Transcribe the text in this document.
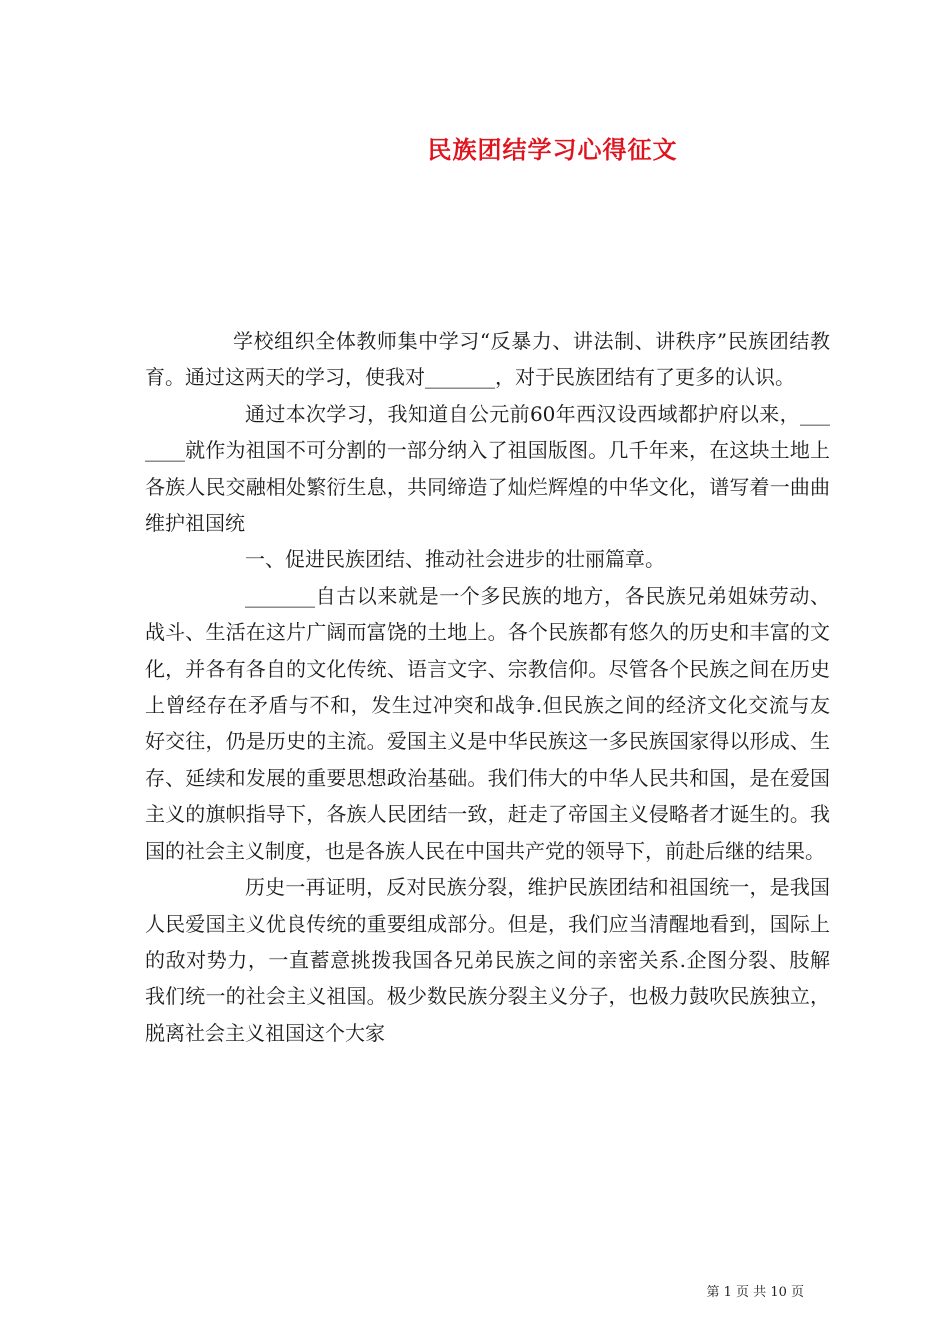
民族团结学习心得征文

学校组织全体教师集中学习“反暴力、讲法制、讲秩序”民族团结教育。通过这两天的学习，使我对_______，对于民族团结有了更多的认识。

通过本次学习，我知道自公元前60年西汉设西域都护府以来，_______就作为祖国不可分割的一部分纳入了祖国版图。几千年来，在这块土地上各族人民交融相处繁衍生息，共同缔造了灿烂辉煌的中华文化，谱写着一曲曲维护祖国统

一、促进民族团结、推动社会进步的壮丽篇章。

_______自古以来就是一个多民族的地方，各民族兄弟姐妹劳动、战斗、生活在这片广阔而富饶的土地上。各个民族都有悠久的历史和丰富的文化，并各有各自的文化传统、语言文字、宗教信仰。尽管各个民族之间在历史上曾经存在矛盾与不和，发生过冲突和战争.但民族之间的经济文化交流与友好交往，仍是历史的主流。爱国主义是中华民族这一多民族国家得以形成、生存、延续和发展的重要思想政治基础。我们伟大的中华人民共和国，是在爱国主义的旗帜指导下，各族人民团结一致，赶走了帝国主义侵略者才诞生的。我国的社会主义制度，也是各族人民在中国共产党的领导下，前赴后继的结果。

历史一再证明，反对民族分裂，维护民族团结和祖国统一，是我国人民爱国主义优良传统的重要组成部分。但是，我们应当清醒地看到，国际上的敌对势力，一直蓄意挑拨我国各兄弟民族之间的亲密关系.企图分裂、肢解我们统一的社会主义祖国。极少数民族分裂主义分子，也极力鼓吹民族独立，脱离社会主义祖国这个大家

第 1 页 共 10 页
